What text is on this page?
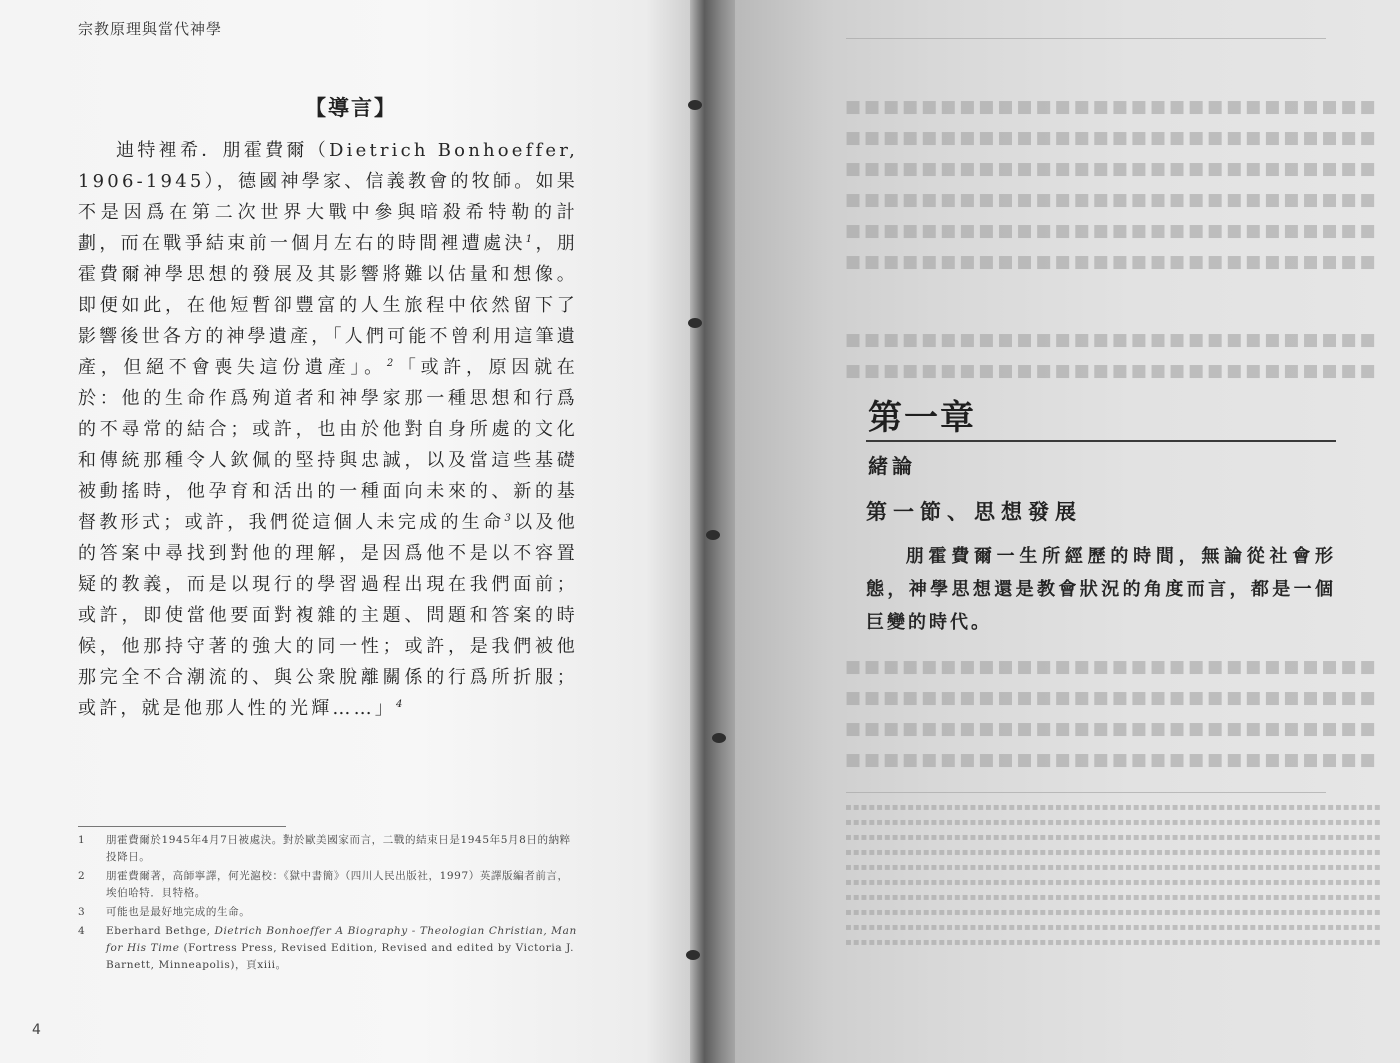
■■■■■■■■■■■■■■■■■■■■■■■■■■■■
■■■■■■■■■■■■■■■■■■■■■■■■■■■■
■■■■■■■■■■■■■■■■■■■■■■■■■■■■
■■■■■■■■■■■■■■■■■■■■■■■■■■■■
■■■■■■■■■■■■■■■■■■■■■■■■■■■■
■■■■■■■■■■■■■■■■■■■■■■■■■■■■
■■■■■■■■■■■■■■■■■■■■■■■■■■■■
■■■■■■■■■■■■■■■■■■■■■■■■■■■■
■■■■■■■■■■■■■■■■■■■■■■■■■■■■
■■■■■■■■■■■■■■■■■■■■■■■■■■■■
■■■■■■■■■■■■■■■■■■■■■■■■■■■■
■■■■■■■■■■■■■■■■■■■■■■■■■■■■
▪▪▪▪▪▪▪▪▪▪▪▪▪▪▪▪▪▪▪▪▪▪▪▪▪▪▪▪▪▪▪▪▪▪▪▪▪▪▪▪▪▪▪▪▪▪▪▪▪▪▪▪▪▪▪▪▪▪▪▪▪▪▪▪▪▪▪▪▪
▪▪▪▪▪▪▪▪▪▪▪▪▪▪▪▪▪▪▪▪▪▪▪▪▪▪▪▪▪▪▪▪▪▪▪▪▪▪▪▪▪▪▪▪▪▪▪▪▪▪▪▪▪▪▪▪▪▪▪▪▪▪▪▪▪▪▪▪▪
▪▪▪▪▪▪▪▪▪▪▪▪▪▪▪▪▪▪▪▪▪▪▪▪▪▪▪▪▪▪▪▪▪▪▪▪▪▪▪▪▪▪▪▪▪▪▪▪▪▪▪▪▪▪▪▪▪▪▪▪▪▪▪▪▪▪▪▪▪
▪▪▪▪▪▪▪▪▪▪▪▪▪▪▪▪▪▪▪▪▪▪▪▪▪▪▪▪▪▪▪▪▪▪▪▪▪▪▪▪▪▪▪▪▪▪▪▪▪▪▪▪▪▪▪▪▪▪▪▪▪▪▪▪▪▪▪▪▪
▪▪▪▪▪▪▪▪▪▪▪▪▪▪▪▪▪▪▪▪▪▪▪▪▪▪▪▪▪▪▪▪▪▪▪▪▪▪▪▪▪▪▪▪▪▪▪▪▪▪▪▪▪▪▪▪▪▪▪▪▪▪▪▪▪▪▪▪▪
▪▪▪▪▪▪▪▪▪▪▪▪▪▪▪▪▪▪▪▪▪▪▪▪▪▪▪▪▪▪▪▪▪▪▪▪▪▪▪▪▪▪▪▪▪▪▪▪▪▪▪▪▪▪▪▪▪▪▪▪▪▪▪▪▪▪▪▪▪
▪▪▪▪▪▪▪▪▪▪▪▪▪▪▪▪▪▪▪▪▪▪▪▪▪▪▪▪▪▪▪▪▪▪▪▪▪▪▪▪▪▪▪▪▪▪▪▪▪▪▪▪▪▪▪▪▪▪▪▪▪▪▪▪▪▪▪▪▪
▪▪▪▪▪▪▪▪▪▪▪▪▪▪▪▪▪▪▪▪▪▪▪▪▪▪▪▪▪▪▪▪▪▪▪▪▪▪▪▪▪▪▪▪▪▪▪▪▪▪▪▪▪▪▪▪▪▪▪▪▪▪▪▪▪▪▪▪▪
▪▪▪▪▪▪▪▪▪▪▪▪▪▪▪▪▪▪▪▪▪▪▪▪▪▪▪▪▪▪▪▪▪▪▪▪▪▪▪▪▪▪▪▪▪▪▪▪▪▪▪▪▪▪▪▪▪▪▪▪▪▪▪▪▪▪▪▪▪
▪▪▪▪▪▪▪▪▪▪▪▪▪▪▪▪▪▪▪▪▪▪▪▪▪▪▪▪▪▪▪▪▪▪▪▪▪▪▪▪▪▪▪▪▪▪▪▪▪▪▪▪▪▪▪▪▪▪▪▪▪▪▪▪▪▪▪▪▪
宗教原理與當代神學
【導言】

迪特裡希．朋霍費爾（Dietrich Bonhoeffer, 1906-1945），德國神學家、信義教會的牧師。如果不是因爲在第二次世界大戰中參與暗殺希特勒的計劃，而在戰爭結束前一個月左右的時間裡遭處決$^1$，朋霍費爾神學思想的發展及其影響將難以估量和想像。即便如此，在他短暫卻豐富的人生旅程中依然留下了影響後世各方的神學遺產，「人們可能不曾利用這筆遺產，但絕不會喪失這份遺產」。$^2$「或許，原因就在於：他的生命作爲殉道者和神學家那一種思想和行爲的不尋常的結合；或許，也由於他對自身所處的文化和傳統那種令人欽佩的堅持與忠誠，以及當這些基礎被動搖時，他孕育和活出的一種面向未來的、新的基督教形式；或許，我們從這個人未完成的生命$^3$以及他的答案中尋找到對他的理解，是因爲他不是以不容置疑的教義，而是以現行的學習過程出現在我們面前；或許，即使當他要面對複雜的主題、問題和答案的時候，他那持守著的強大的同一性；或許，是我們被他那完全不合潮流的、與公衆脫離關係的行爲所折服；或許，就是他那人性的光輝……」$^4$

1	朋霍費爾於1945年4月7日被處決。對於歐美國家而言，二戰的結束日是1945年5月8日的納粹投降日。
2	朋霍費爾著，高師寧譯，何光滬校：《獄中書簡》（四川人民出版社，1997）英譯版編者前言，埃伯哈特．貝特格。
3	可能也是最好地完成的生命。
4	Eberhard Bethge, Dietrich Bonhoeffer A Biography - Theologian Christian, Man for His Time (Fortress Press, Revised Edition, Revised and edited by Victoria J. Barnett, Minneapolis)，頁xiii。
4
第一章
緒論
第一節、思想發展

朋霍費爾一生所經歷的時間，無論從社會形態，神學思想還是教會狀況的角度而言，都是一個巨變的時代。
